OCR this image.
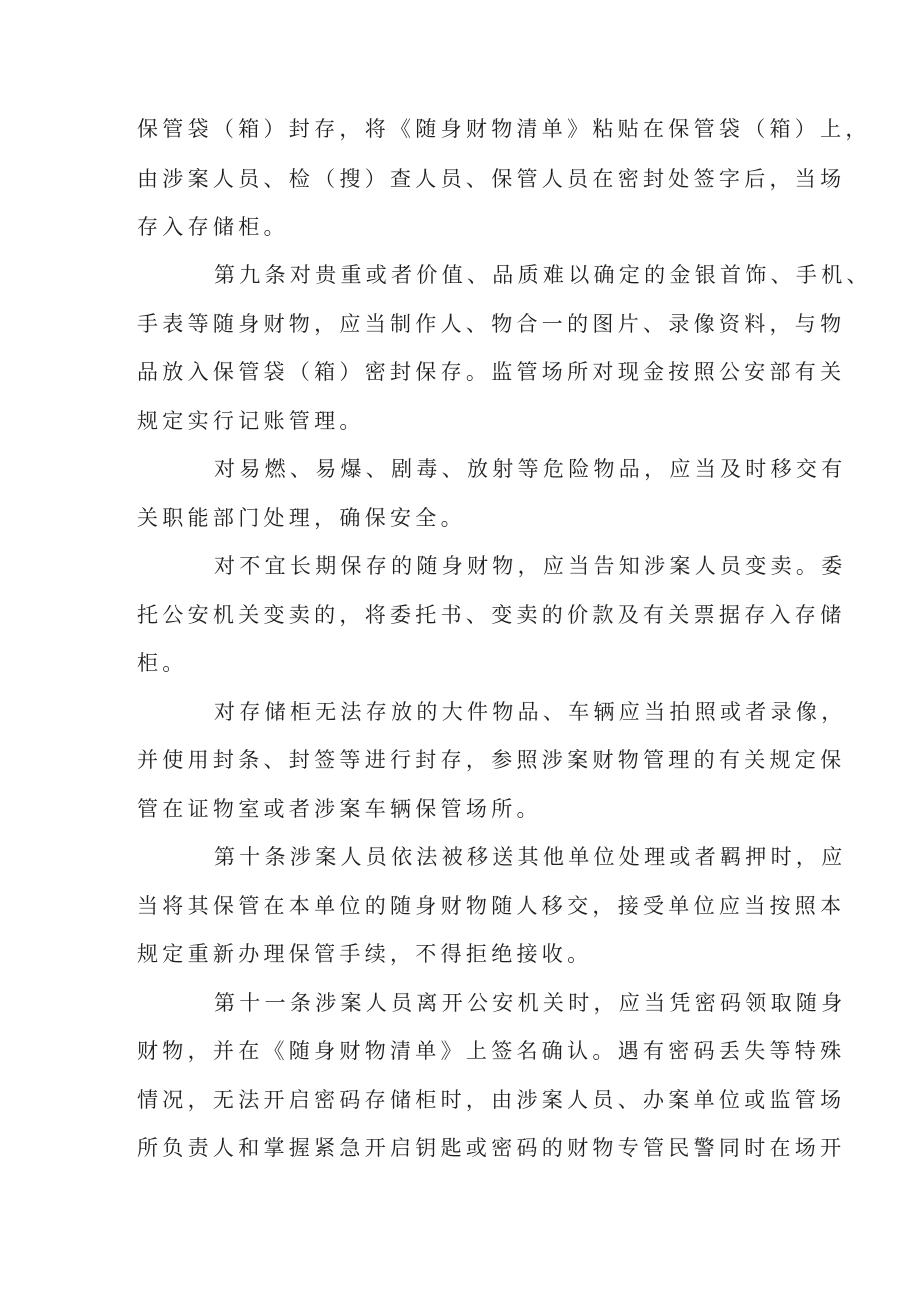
保管袋（箱）封存，将《随身财物清单》粘贴在保管袋（箱）上，
由涉案人员、检（搜）查人员、保管人员在密封处签字后，当场
存入存储柜。
第九条对贵重或者价值、品质难以确定的金银首饰、手机、
手表等随身财物，应当制作人、物合一的图片、录像资料，与物
品放入保管袋（箱）密封保存。监管场所对现金按照公安部有关
规定实行记账管理。
对易燃、易爆、剧毒、放射等危险物品，应当及时移交有
关职能部门处理，确保安全。
对不宜长期保存的随身财物，应当告知涉案人员变卖。委
托公安机关变卖的，将委托书、变卖的价款及有关票据存入存储
柜。
对存储柜无法存放的大件物品、车辆应当拍照或者录像，
并使用封条、封签等进行封存，参照涉案财物管理的有关规定保
管在证物室或者涉案车辆保管场所。
第十条涉案人员依法被移送其他单位处理或者羁押时，应
当将其保管在本单位的随身财物随人移交，接受单位应当按照本
规定重新办理保管手续，不得拒绝接收。
第十一条涉案人员离开公安机关时，应当凭密码领取随身
财物，并在《随身财物清单》上签名确认。遇有密码丢失等特殊
情况，无法开启密码存储柜时，由涉案人员、办案单位或监管场
所负责人和掌握紧急开启钥匙或密码的财物专管民警同时在场开
